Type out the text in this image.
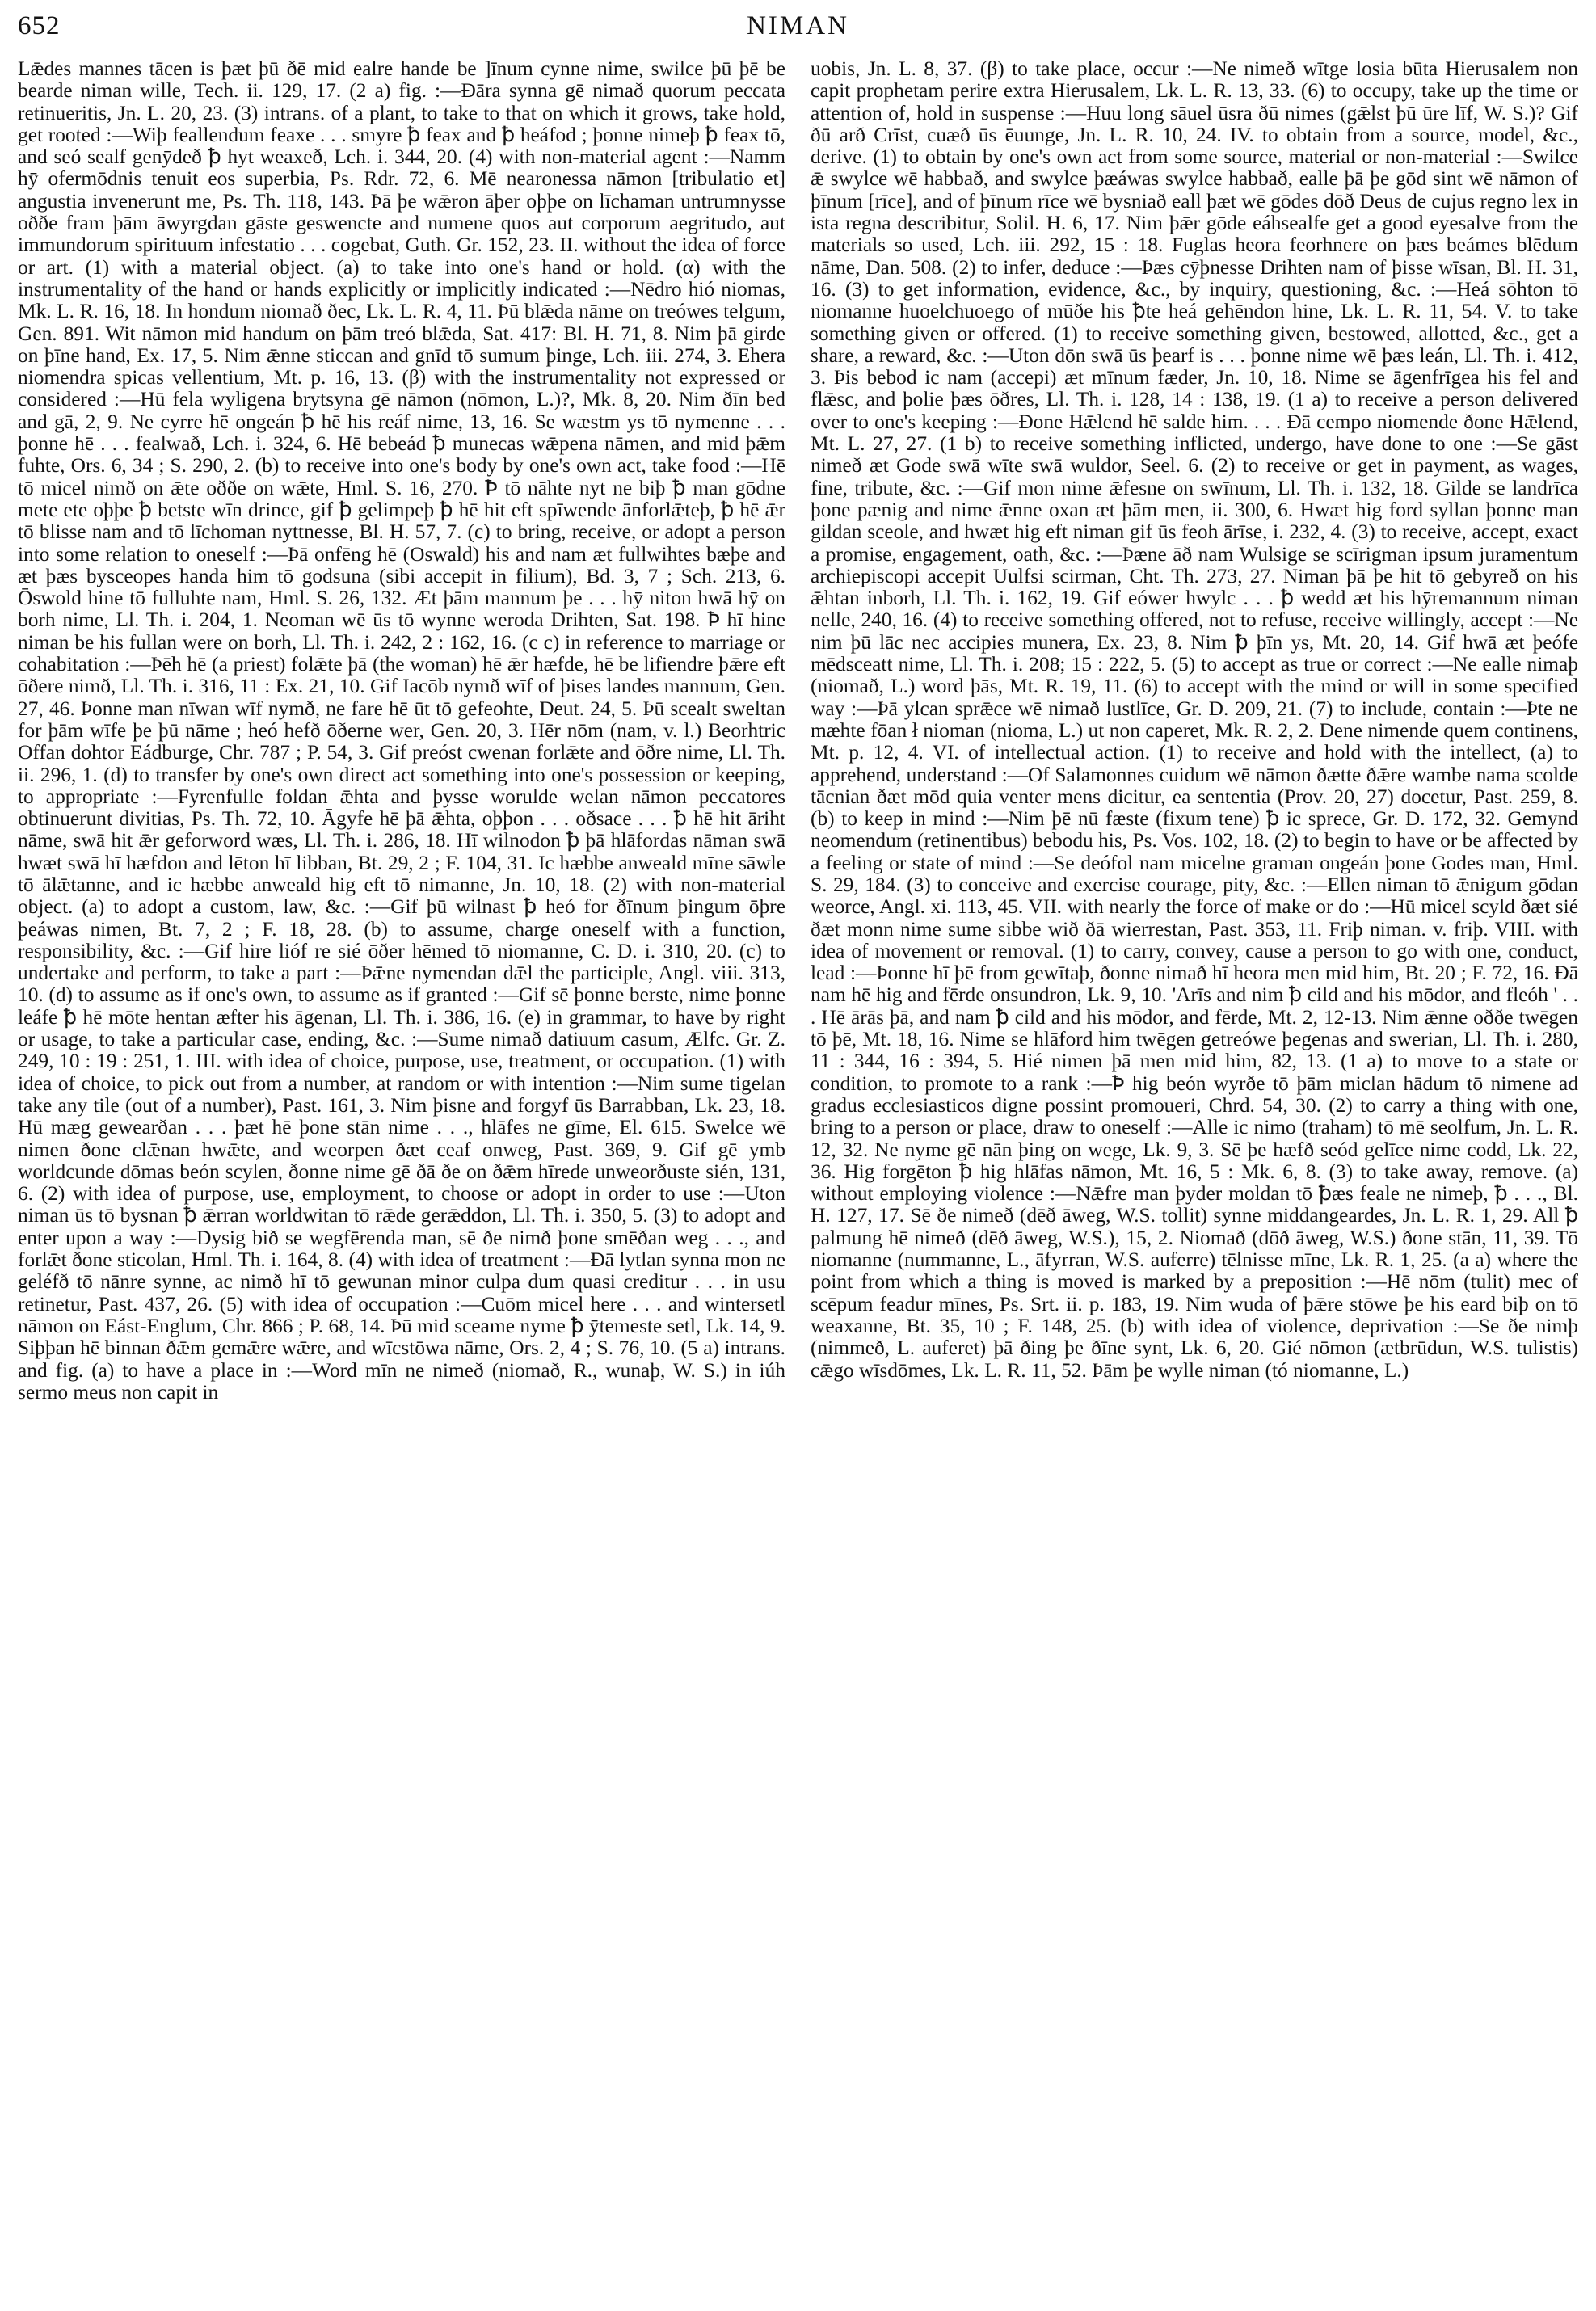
652	NIMAN

Lǣdes mannes tācen is þæt þū ðē mid ealre hande be ]īnum cynne nime, swilce þū þē be bearde niman wille, Tech. ii. 129, 17. (2 a) fig. :—Ðāra synna gē nimað quorum peccata retinueritis, Jn. L. 20, 23. (3) intrans. of a plant, to take to that on which it grows, take hold, get rooted :—Wiþ feallendum feaxe . . . smyre ꝥ feax and ꝥ heáfod ; þonne nimeþ ꝥ feax tō, and seó sealf genȳdeð ꝥ hyt weaxeð, Lch. i. 344, 20. (4) with non-material agent :—Namm hȳ ofermōdnis tenuit eos superbia, Ps. Rdr. 72, 6. Mē nearonessa nāmon [tribulatio et] angustia invenerunt me, Ps. Th. 118, 143. Þā þe wǣron āþer oþþe on līchaman untrumnysse oððe fram þām āwyrgdan gāste geswencte and numene quos aut corporum aegritudo, aut immundorum spirituum infestatio . . . cogebat, Guth. Gr. 152, 23. II. without the idea of force or art. (1) with a material object. (a) to take into one's hand or hold. (α) with the instrumentality of the hand or hands explicitly or implicitly indicated :—Nēdro hió niomas, Mk. L. R. 16, 18. In hondum niomað ðec, Lk. L. R. 4, 11. Þū blǣda nāme on treówes telgum, Gen. 891. Wit nāmon mid handum on þām treó blǣda, Sat. 417: Bl. H. 71, 8. Nim þā girde on þīne hand, Ex. 17, 5. Nim ǣnne sticcan and gnīd tō sumum þinge, Lch. iii. 274, 3. Ehera niomendra spicas vellentium, Mt. p. 16, 13. (β) with the instrumentality not expressed or considered :—Hū fela wyligena brytsyna gē nāmon (nōmon, L.)?, Mk. 8, 20. Nim ðīn bed and gā, 2, 9. Ne cyrre hē ongeán ꝥ hē his reáf nime, 13, 16. Se wæstm ys tō nymenne . . . þonne hē . . . fealwað, Lch. i. 324, 6. Hē bebeád ꝥ munecas wǣpena nāmen, and mid þǣm fuhte, Ors. 6, 34 ; S. 290, 2. (b) to receive into one's body by one's own act, take food :—Hē tō micel nimð on ǣte oððe on wǣte, Hml. S. 16, 270. Ꝥ tō nāhte nyt ne biþ ꝥ man gōdne mete ete oþþe ꝥ betste wīn drince, gif ꝥ gelimpeþ ꝥ hē hit eft spīwende ānforlǣteþ, ꝥ hē ǣr tō blisse nam and tō līchoman nyttnesse, Bl. H. 57, 7. (c) to bring, receive, or adopt a person into some relation to oneself :—Þā onfēng hē (Oswald) his and nam æt fullwihtes bæþe and æt þæs bysceopes handa him tō godsuna (sibi accepit in filium), Bd. 3, 7 ; Sch. 213, 6. Ōswold hine tō fulluhte nam, Hml. S. 26, 132. Æt þām mannum þe . . . hȳ niton hwā hȳ on borh nime, Ll. Th. i. 204, 1. Neoman wē ūs tō wynne weroda Drihten, Sat. 198. Ꝥ hī hine niman be his fullan were on borh, Ll. Th. i. 242, 2 : 162, 16. (c c) in reference to marriage or cohabitation :—Þēh hē (a priest) folǣte þā (the woman) hē ǣr hæfde, hē be lifiendre þǣre eft ōðere nimð, Ll. Th. i. 316, 11 : Ex. 21, 10. Gif Iacōb nymð wīf of þises landes mannum, Gen. 27, 46. Þonne man nīwan wīf nymð, ne fare hē ūt tō gefeohte, Deut. 24, 5. Þū scealt sweltan for þām wīfe þe þū nāme ; heó hefð ōðerne wer, Gen. 20, 3. Hēr nōm (nam, v. l.) Beorhtric Offan dohtor Eádburge, Chr. 787 ; P. 54, 3. Gif preóst cwenan forlǣte and ōðre nime, Ll. Th. ii. 296, 1. (d) to transfer by one's own direct act something into one's possession or keeping, to appropriate :—Fyrenfulle foldan ǣhta and þysse woruldе welan nāmon peccatores obtinuerunt divitias, Ps. Th. 72, 10. Āgyfe hē þā ǣhta, oþþon . . . oðsace . . . ꝥ hē hit āriht nāme, swā hit ǣr geforword wæs, Ll. Th. i. 286, 18. Hī wilnodon ꝥ þā hlāfordas nāman swā hwæt swā hī hæfdon and lēton hī libban, Bt. 29, 2 ; F. 104, 31. Ic hæbbe anweald mīne sāwle tō ālǣtanne, and ic hæbbe anweald hig eft tō nimanne, Jn. 10, 18. (2) with non-material object. (a) to adopt a custom, law, &c. :—Gif þū wilnast ꝥ heó for ðīnum þingum ōþre þeáwas nimen, Bt. 7, 2 ; F. 18, 28. (b) to assume, charge oneself with a function, responsibility, &c. :—Gif hire lióf re sié ōðer hēmed tō niomanne, C. D. i. 310, 20. (c) to undertake and perform, to take a part :—Þǣne nymendan dǣl the participle, Angl. viii. 313, 10. (d) to assume as if one's own, to assume as if granted :—Gif sē þonne berste, nime þonne leáfe ꝥ hē mōte hentan æfter his āgenan, Ll. Th. i. 386, 16. (e) in grammar, to have by right or usage, to take a particular case, ending, &c. :—Sume nimað datiuum casum, Ælfc. Gr. Z. 249, 10 : 19 : 251, 1. III. with idea of choice, purpose, use, treatment, or occupation. (1) with idea of choice, to pick out from a number, at random or with intention :—Nim sume tigelan take any tile (out of a number), Past. 161, 3. Nim þisne and forgyf ūs Barrabban, Lk. 23, 18. Hū mæg gewearðan . . . þæt hē þone stān nime . . ., hlāfes ne gīme, El. 615. Swelce wē nimen ðone clǣnan hwǣte, and weorpen ðæt ceaf onweg, Past. 369, 9. Gif gē ymb worldcunde dōmas beón scylen, ðonne nime gē ðā ðe on ðǣm hīrede unweorðuste sién, 131, 6. (2) with idea of purpose, use, employment, to choose or adopt in order to use :—Uton niman ūs tō bysnan ꝥ ǣrran worldwitan tō rǣde gerǣddon, Ll. Th. i. 350, 5. (3) to adopt and enter upon a way :—Dysig bið se wegfērenda man, sē ðe nimð þone smēðan weg . . ., and forlǣt ðone sticolan, Hml. Th. i. 164, 8. (4) with idea of treatment :—Ðā lytlan synna mon ne geléfð tō nānre synne, ac nimð hī tō gewunan minor culpa dum quasi creditur . . . in usu retinetur, Past. 437, 26. (5) with idea of occupation :—Cuōm micel here . . . and wintersetl nāmon on Eást-Englum, Chr. 866 ; P. 68, 14. Þū mid sceame nyme ꝥ ȳtemeste setl, Lk. 14, 9. Siþþan hē binnan ðǣm gemǣre wǣre, and wīcstōwa nāme, Ors. 2, 4 ; S. 76, 10. (5 a) intrans. and fig. (a) to have a place in :—Word mīn ne nimeð (niomað, R., wunaþ, W. S.) in iúh sermo meus non capit in

uobis, Jn. L. 8, 37. (β) to take place, occur :—Ne nimeð wītge losia būta Hierusalem non capit prophetam perire extra Hierusalem, Lk. L. R. 13, 33. (6) to occupy, take up the time or attention of, hold in suspense :—Huu long sāuel ūsra ðū nimes (gǣlst þū ūre līf, W. S.)? Gif ðū arð Crīst, cuæð ūs ēuunge, Jn. L. R. 10, 24. IV. to obtain from a source, model, &c., derive. (1) to obtain by one's own act from some source, material or non-material :—Swilce ǣ swylce wē habbað, and swylce þæáwas swylce habbað, ealle þā þe gōd sint wē nāmon of þīnum [rīce], and of þīnum rīce wē bysniað eall þæt wē gōdes dōð Deus de cujus regno lex in ista regna describitur, Solil. H. 6, 17. Nim þǣr gōde eáhsealfe get a good eyesalve from the materials so used, Lch. iii. 292, 15 : 18. Fuglas heora feorhnere on þæs beámes blēdum nāme, Dan. 508. (2) to infer, deduce :—Þæs cȳþnesse Drihten nam of þisse wīsan, Bl. H. 31, 16. (3) to get information, evidence, &c., by inquiry, questioning, &c. :—Heá sōhton tō niomanne huoelchuoego of mūðe his ꝥte heá gehēndon hine, Lk. L. R. 11, 54. V. to take something given or offered. (1) to receive something given, bestowed, allotted, &c., get a share, a reward, &c. :—Uton dōn swā ūs þearf is . . . þonne nime wē þæs leán, Ll. Th. i. 412, 3. Þis bebod ic nam (accepi) æt mīnum fæder, Jn. 10, 18. Nime se āgenfrīgea his fel and flǣsc, and þolie þæs ōðres, Ll. Th. i. 128, 14 : 138, 19. (1 a) to receive a person delivered over to one's keeping :—Ðone Hǣlend hē salde him. . . . Ðā cempo niomende ðone Hǣlend, Mt. L. 27, 27. (1 b) to receive something inflicted, undergo, have done to one :—Se gāst nimeð æt Gode swā wīte swā wuldor, Seel. 6. (2) to receive or get in payment, as wages, fine, tribute, &c. :—Gif mon nime ǣfesne on swīnum, Ll. Th. i. 132, 18. Gilde se landrīca þone pænig and nime ǣnne oxan æt þām men, ii. 300, 6. Hwæt hig ford syllan þonne man gildan sceole, and hwæt hig eft niman gif ūs feoh ārīse, i. 232, 4. (3) to receive, accept, exact a promise, engagement, oath, &c. :—Þæne āð nam Wulsige se scīrigman ipsum juramentum archiepiscopi accepit Uulfsi scirman, Cht. Th. 273, 27. Niman þā þe hit tō gebyreð on his ǣhtan inborh, Ll. Th. i. 162, 19. Gif eówer hwylc . . . ꝥ wedd æt his hȳremannum niman nelle, 240, 16. (4) to receive something offered, not to refuse, receive willingly, accept :—Ne nim þū lāc nec accipies munera, Ex. 23, 8. Nim ꝥ þīn ys, Mt. 20, 14. Gif hwā æt þeófe mēdsceatt nime, Ll. Th. i. 208; 15 : 222, 5. (5) to accept as true or correct :—Ne ealle nimaþ (niomað, L.) word þās, Mt. R. 19, 11. (6) to accept with the mind or will in some specified way :—Þā ylcan sprǣce wē nimað lustlīce, Gr. D. 209, 21. (7) to include, contain :—Þte ne mæhte fōan ł nioman (nioma, L.) ut non caperet, Mk. R. 2, 2. Ðene nimende quem continens, Mt. p. 12, 4. VI. of intellectual action. (1) to receive and hold with the intellect, (a) to apprehend, understand :—Of Salamonnes cuidum wē nāmon ðætte ðǣre wambe nama scolde tācnian ðæt mōd quia venter mens dicitur, ea sententia (Prov. 20, 27) docetur, Past. 259, 8. (b) to keep in mind :—Nim þē nū fæste (fixum tene) ꝥ ic sprece, Gr. D. 172, 32. Gemynd neomendum (retinentibus) bebodu his, Ps. Vos. 102, 18. (2) to begin to have or be affected by a feeling or state of mind :—Se deófol nam micelne graman ongeán þone Godes man, Hml. S. 29, 184. (3) to conceive and exercise courage, pity, &c. :—Ellen niman tō ǣnigum gōdan weorce, Angl. xi. 113, 45. VII. with nearly the force of make or do :—Hū micel scyld ðæt sié ðæt monn nime sume sibbe wið ðā wierrestan, Past. 353, 11. Friþ niman. v. friþ. VIII. with idea of movement or removal. (1) to carry, convey, cause a person to go with one, conduct, lead :—Þonne hī þē from gewītaþ, ðonne nimað hī heora men mid him, Bt. 20 ; F. 72, 16. Ðā nam hē hig and fērde onsundron, Lk. 9, 10. 'Arīs and nim ꝥ cild and his mōdor, and fleóh ' . . . Hē ārās þā, and nam ꝥ cild and his mōdor, and fērde, Mt. 2, 12-13. Nim ǣnne oððe twēgen tō þē, Mt. 18, 16. Nime se hlāford him twēgen getreówe þegenas and swerian, Ll. Th. i. 280, 11 : 344, 16 : 394, 5. Hié nimen þā men mid him, 82, 13. (1 a) to move to a state or condition, to promote to a rank :—Ꝥ hig beón wyrðe tō þām miclan hādum tō nimene ad gradus ecclesiasticos digne possint promoueri, Chrd. 54, 30. (2) to carry a thing with one, bring to a person or place, draw to oneself :—Alle ic nimo (traham) tō mē seolfum, Jn. L. R. 12, 32. Ne nyme gē nān þing on wege, Lk. 9, 3. Sē þe hæfð seód gelīce nime codd, Lk. 22, 36. Hig forgēton ꝥ hig hlāfas nāmon, Mt. 16, 5 : Mk. 6, 8. (3) to take away, remove. (a) without employing violence :—Nǣfre man þyder moldan tō ꝥæs feale ne nimeþ, ꝥ . . ., Bl. H. 127, 17. Sē ðe nimeð (dēð āweg, W.S. tollit) synne middangeardes, Jn. L. R. 1, 29. All ꝥ palmung hē nimeð (dēð āweg, W.S.), 15, 2. Niomað (dōð āweg, W.S.) ðone stān, 11, 39. Tō niomanne (nummanne, L., āfyrran, W.S. auferre) tēlnisse mīne, Lk. R. 1, 25. (a a) where the point from which a thing is moved is marked by a preposition :—Hē nōm (tulit) mec of scēpum feadur mīnes, Ps. Srt. ii. p. 183, 19. Nim wuda of þǣre stōwe þe his eard biþ on tō weaxanne, Bt. 35, 10 ; F. 148, 25. (b) with idea of violence, deprivation :—Se ðe nimþ (nimmeð, L. auferet) þā ðing þe ðīne synt, Lk. 6, 20. Gié nōmon (ætbrūdun, W.S. tulistis) cǣgo wīsdōmes, Lk. L. R. 11, 52. Þām þe wylle niman (tó niomanne, L.)
